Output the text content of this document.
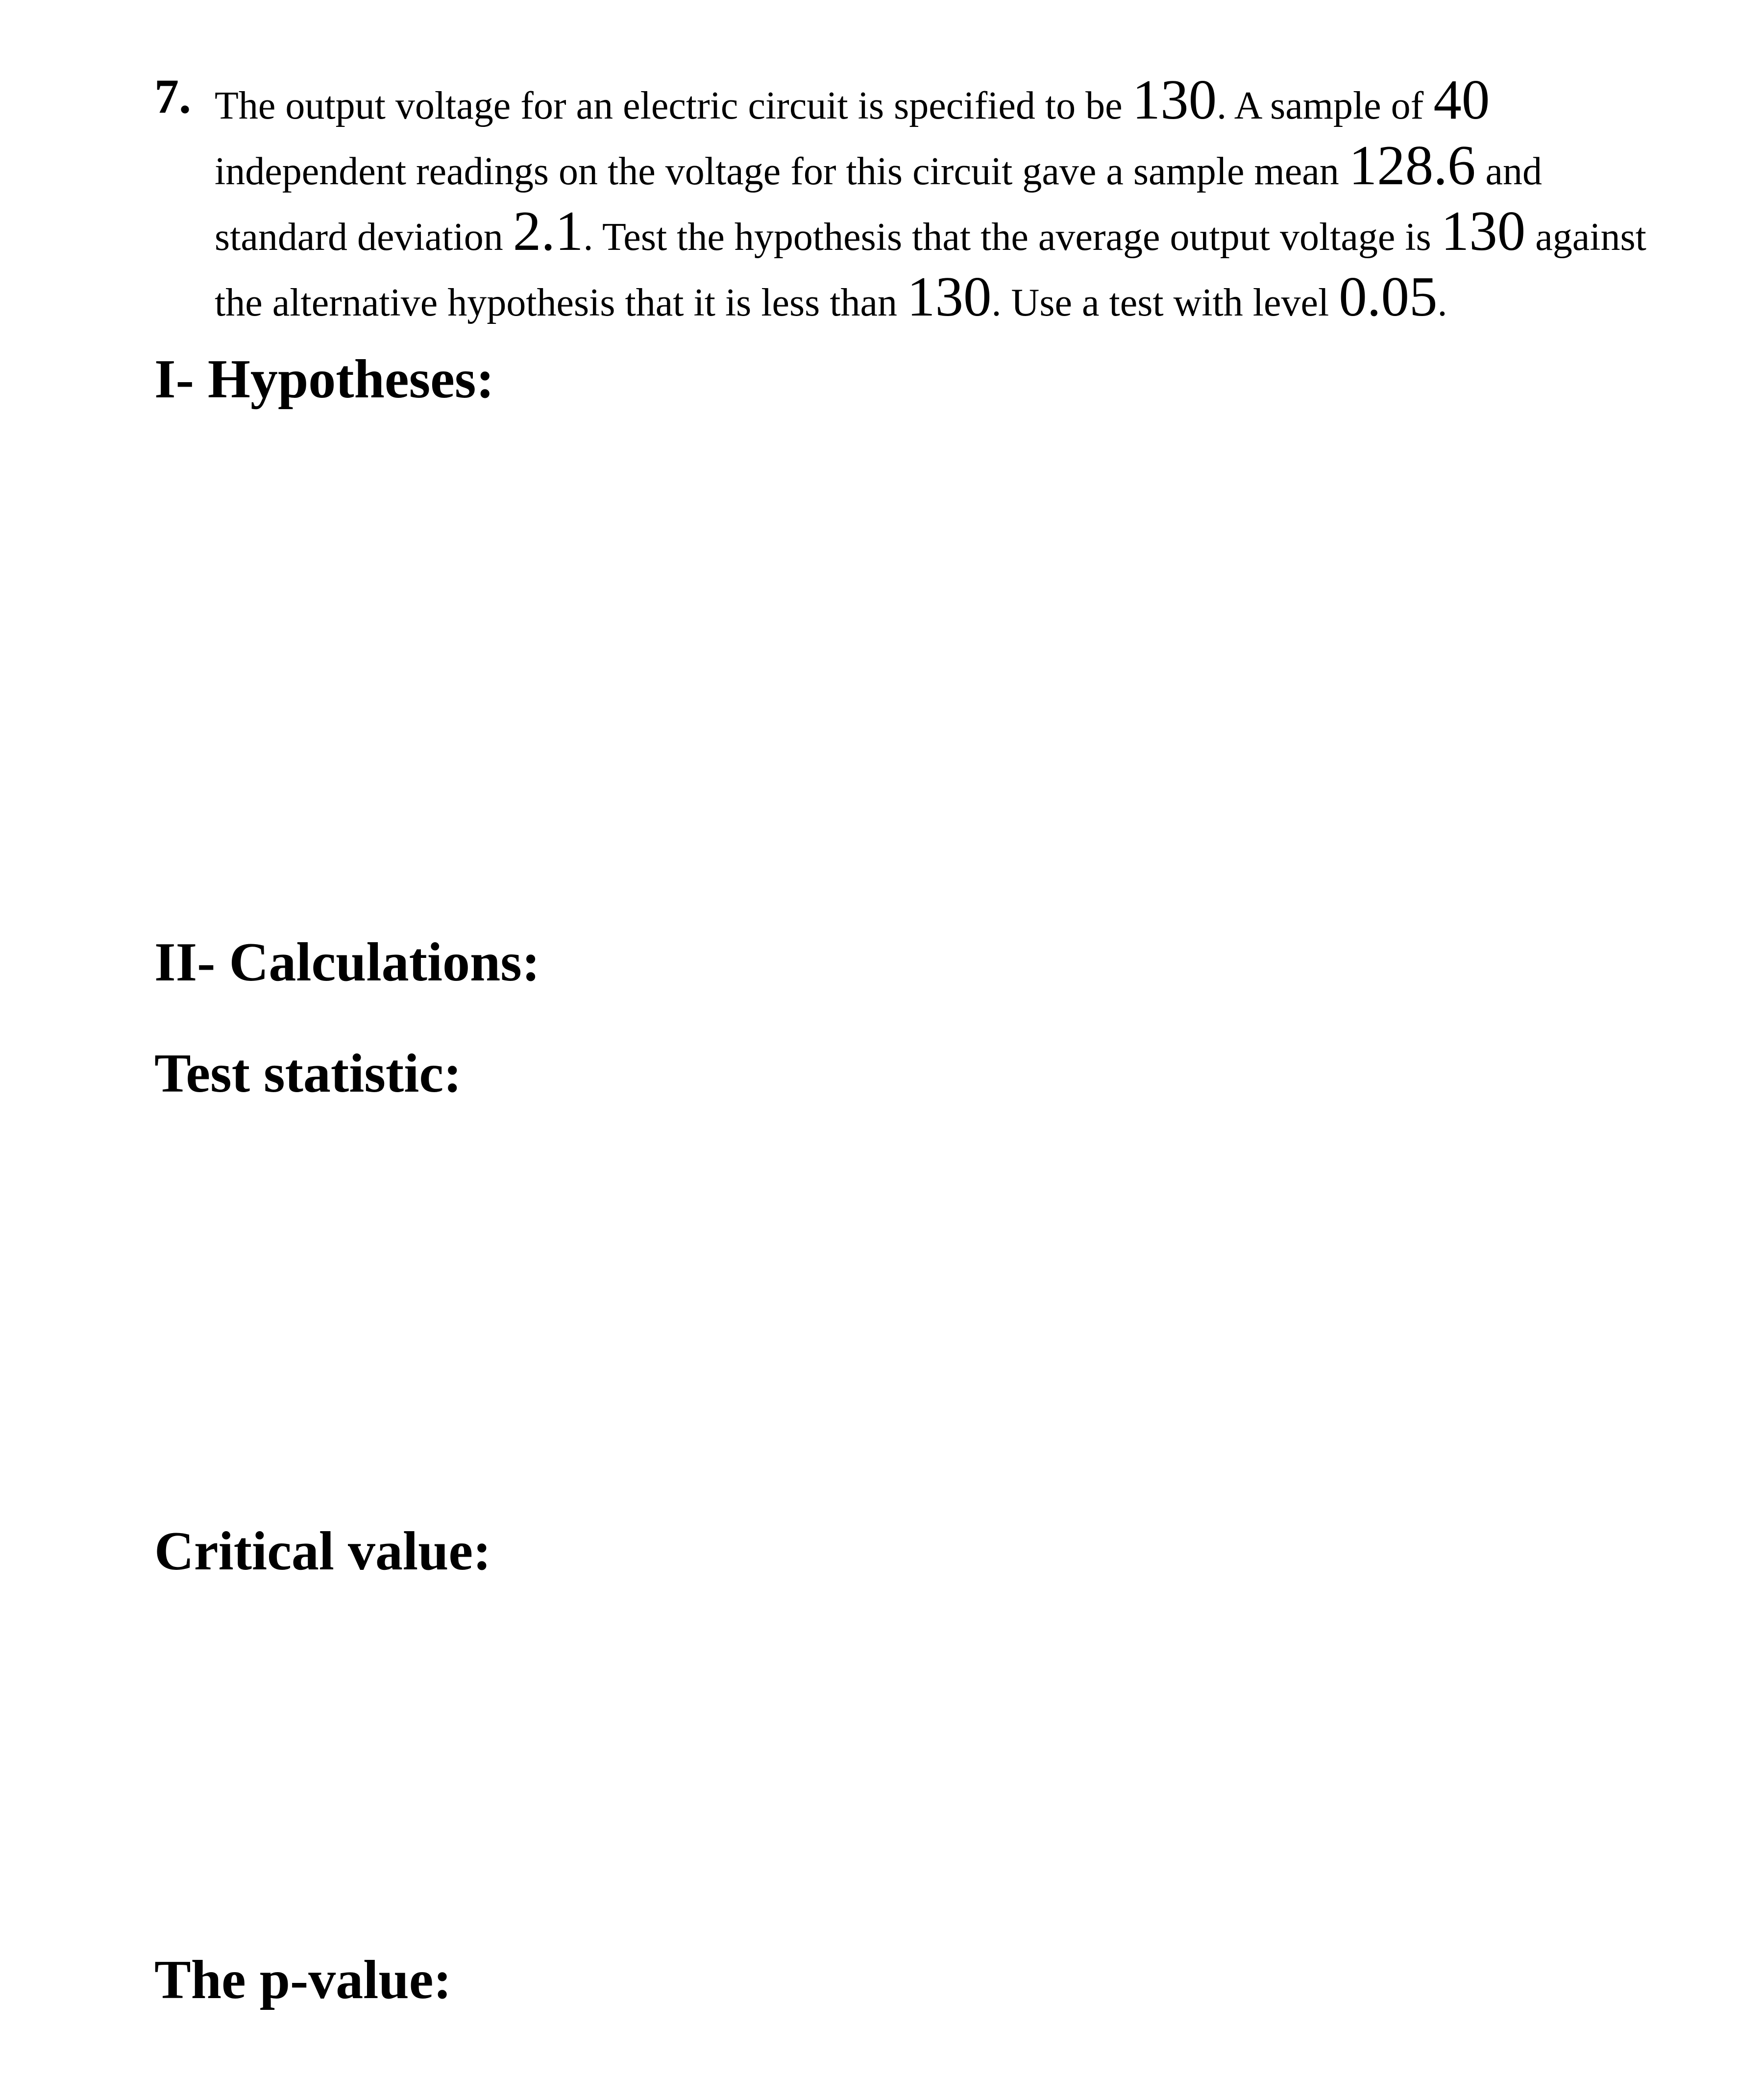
7. The output voltage for an electric circuit is specified to be 130. A sample of 40
independent readings on the voltage for this circuit gave a sample mean 128.6 and
standard deviation 2.1. Test the hypothesis that the average output voltage is 130 against
the alternative hypothesis that it is less than 130. Use a test with level 0.05.
I- Hypotheses:
II- Calculations:
Test statistic:
Critical value:
The p-value:
